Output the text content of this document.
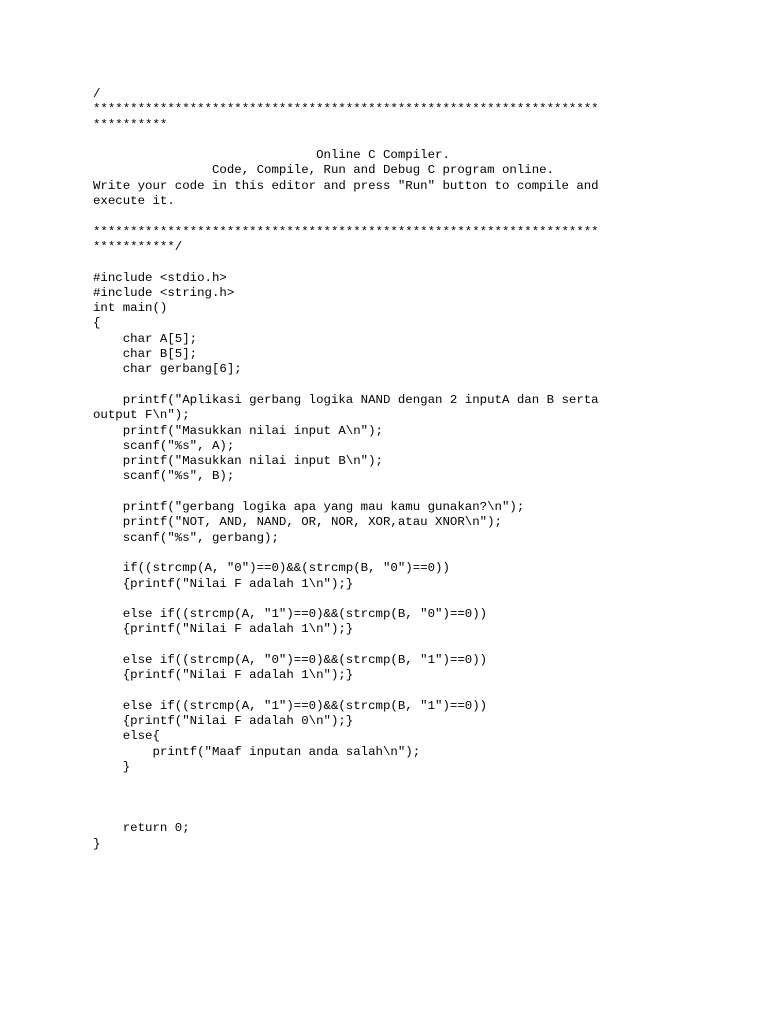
/
********************************************************************
**********
Online C Compiler.
Code, Compile, Run and Debug C program online.
Write your code in this editor and press "Run" button to compile and
execute it.
********************************************************************
***********/
#include <stdio.h>
#include <string.h>
int main()
{
char A[5];
char B[5];
char gerbang[6];
printf("Aplikasi gerbang logika NAND dengan 2 inputA dan B serta
output F\n");
printf("Masukkan nilai input A\n");
scanf("%s", A);
printf("Masukkan nilai input B\n");
scanf("%s", B);
printf("gerbang logika apa yang mau kamu gunakan?\n");
printf("NOT, AND, NAND, OR, NOR, XOR,atau XNOR\n");
scanf("%s", gerbang);
if((strcmp(A, "0")==0)&&(strcmp(B, "0")==0))
{printf("Nilai F adalah 1\n");}
else if((strcmp(A, "1")==0)&&(strcmp(B, "0")==0))
{printf("Nilai F adalah 1\n");}
else if((strcmp(A, "0")==0)&&(strcmp(B, "1")==0))
{printf("Nilai F adalah 1\n");}
else if((strcmp(A, "1")==0)&&(strcmp(B, "1")==0))
{printf("Nilai F adalah 0\n");}
else{
printf("Maaf inputan anda salah\n");
}
return 0;
}
